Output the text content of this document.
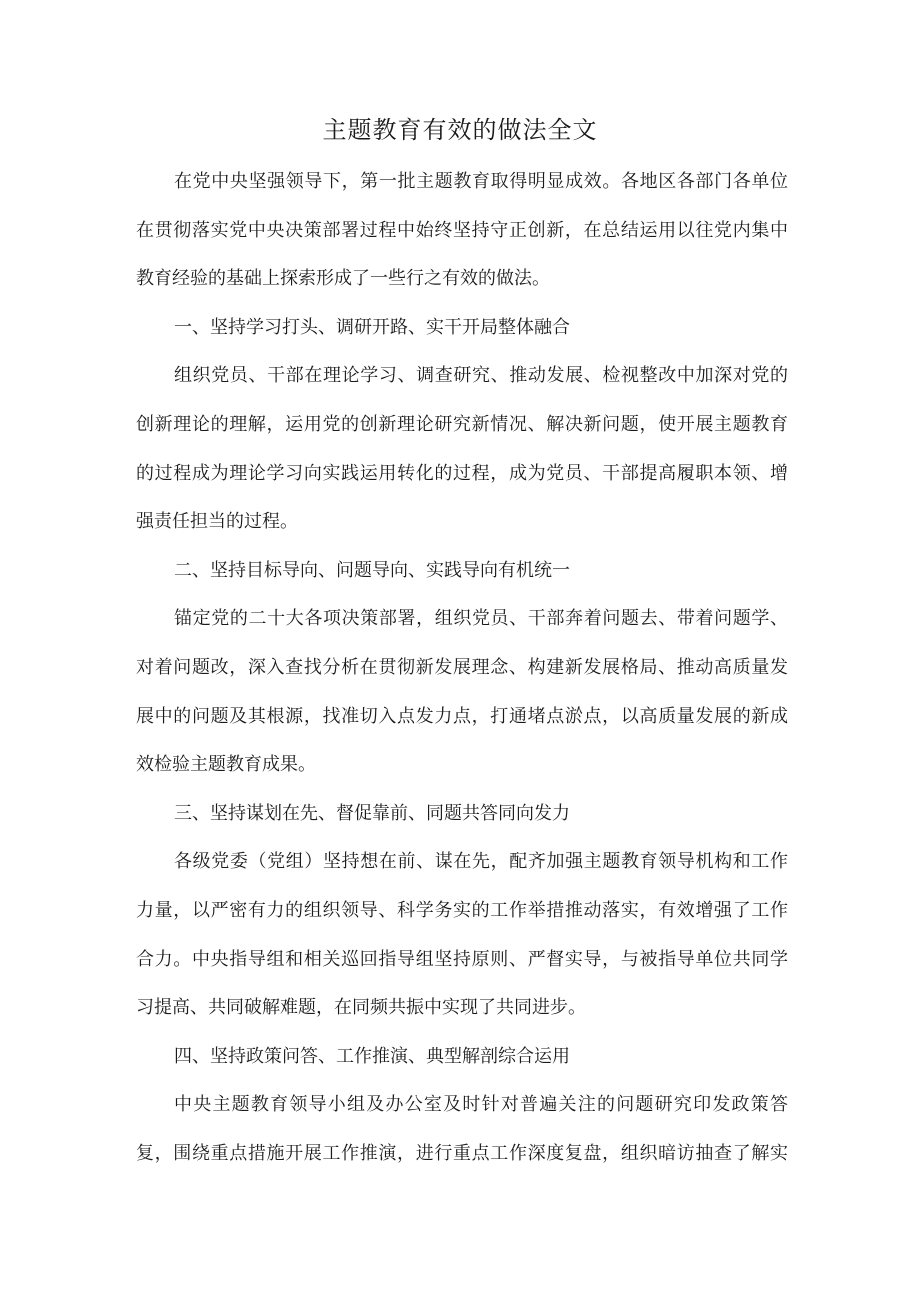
主题教育有效的做法全文
在党中央坚强领导下，第一批主题教育取得明显成效。各地区各部门各单位
在贯彻落实党中央决策部署过程中始终坚持守正创新，在总结运用以往党内集中
教育经验的基础上探索形成了一些行之有效的做法。
一、坚持学习打头、调研开路、实干开局整体融合
组织党员、干部在理论学习、调查研究、推动发展、检视整改中加深对党的
创新理论的理解，运用党的创新理论研究新情况、解决新问题，使开展主题教育
的过程成为理论学习向实践运用转化的过程，成为党员、干部提高履职本领、增
强责任担当的过程。
二、坚持目标导向、问题导向、实践导向有机统一
锚定党的二十大各项决策部署，组织党员、干部奔着问题去、带着问题学、
对着问题改，深入查找分析在贯彻新发展理念、构建新发展格局、推动高质量发
展中的问题及其根源，找准切入点发力点，打通堵点淤点，以高质量发展的新成
效检验主题教育成果。
三、坚持谋划在先、督促靠前、同题共答同向发力
各级党委（党组）坚持想在前、谋在先，配齐加强主题教育领导机构和工作
力量，以严密有力的组织领导、科学务实的工作举措推动落实，有效增强了工作
合力。中央指导组和相关巡回指导组坚持原则、严督实导，与被指导单位共同学
习提高、共同破解难题，在同频共振中实现了共同进步。
四、坚持政策问答、工作推演、典型解剖综合运用
中央主题教育领导小组及办公室及时针对普遍关注的问题研究印发政策答
复，围绕重点措施开展工作推演，进行重点工作深度复盘，组织暗访抽查了解实
